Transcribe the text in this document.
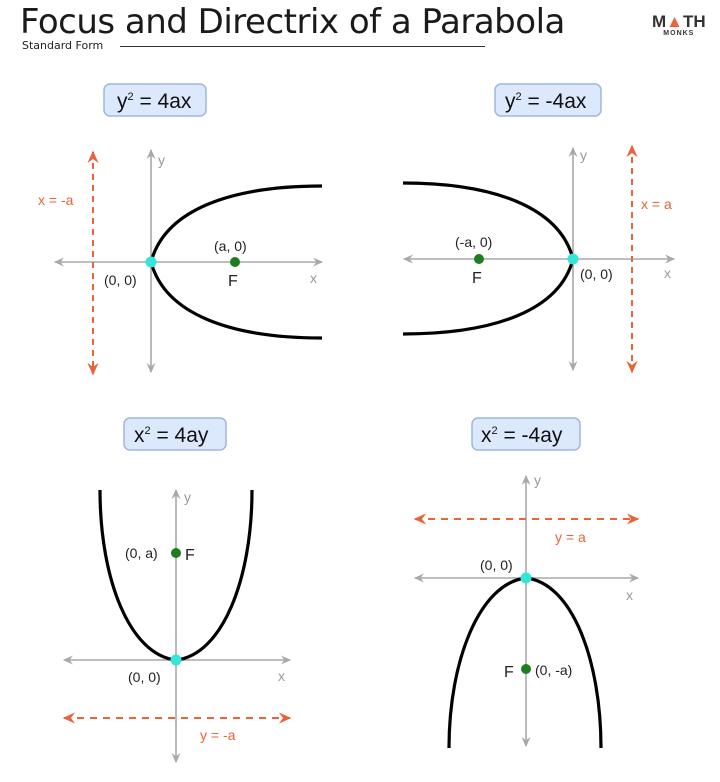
Focus and Directrix of a Parabola
Standard Form
M▲TH
MONKS
$y^2 = 4ax$
y
x
x = -a
(0, 0)
(a, 0)
F
$y^2 = -4ax$
y
x
x = a
(0, 0)
(-a, 0)
F
$x^2 = 4ay$
y
x
y = -a
(0, 0)
(0, a) F
$x^2 = -4ay$
y
x
y = a
(0, 0)
(0, -a)
F
